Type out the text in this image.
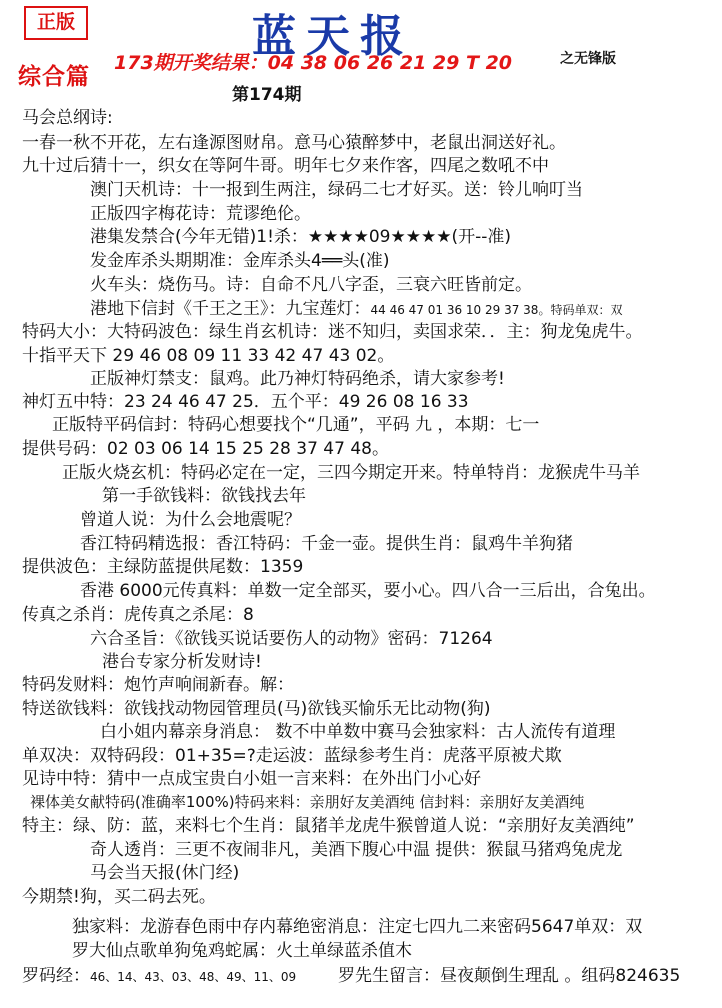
正版	蓝天报
173期开奖结果：04 38 06 26 21 29 T 20	之无锋版
综合篇
第174期
马会总纲诗:
一春一秋不开花，左右逢源图财帛。意马心猿醉梦中，老鼠出洞送好礼。
九十过后猜十一，织女在等阿牛哥。明年七夕来作客，四尾之数吼不中
澳门天机诗：十一报到生两注，绿码二七才好买。送：铃儿响叮当
正版四字梅花诗：荒谬绝伦。
港集发禁合(今年无错)1!杀：★★★★09★★★★(开--准)
发金库杀头期期准：金库杀头4══头(准)
火车头：烧伤马。诗：自命不凡八字歪，三衰六旺皆前定。
港地下信封《千王之王》：九宝莲灯：44 46 47 01 36 10 29 37 38。特码单双：双
特码大小：大特码波色：绿生肖玄机诗：迷不知归，卖国求荣．．主：狗龙兔虎牛。
十指平天下 29 46 08 09 11 33 42 47 43 02。
正版神灯禁支：鼠鸡。此乃神灯特码绝杀，请大家参考!
神灯五中特：23 24 46 47 25．五个平：49 26 08 16 33
正版特平码信封：特码心想要找个“几通”，平码 九 ，本期：七一
提供号码：02 03 06 14 15 25 28 37 47 48。
正版火烧玄机：特码必定在一定，三四今期定开来。特单特肖：龙猴虎牛马羊
第一手欲钱料：欲钱找去年
曾道人说：为什么会地震呢？
香江特码精选报：香江特码：千金一壶。提供生肖：鼠鸡牛羊狗猪
提供波色：主绿防蓝提供尾数：1359
香港 6000元传真料：单数一定全部买，要小心。四八合一三后出，合兔出。
传真之杀肖：虎传真之杀尾：8
六合圣旨：《欲钱买说话要伤人的动物》密码：71264
港台专家分析发财诗!
特码发财料：炮竹声响闹新春。解：
特送欲钱料：欲钱找动物园管理员(马)欲钱买愉乐无比动物(狗)
白小姐内幕亲身消息： 数不中单数中赛马会独家料：古人流传有道理
单双决：双特码段：01+35=?走运波：蓝绿参考生肖：虎落平原被犬欺
见诗中特：猜中一点成宝贵白小姐一言来料：在外出门小心好
裸体美女献特码(准确率100%)特码来料：亲朋好友美酒纯 信封料：亲朋好友美酒纯
特主：绿、防：蓝，来料七个生肖：鼠猪羊龙虎牛猴曾道人说：“亲朋好友美酒纯”
奇人透肖：三更不夜闹非凡，美酒下腹心中温 提供：猴鼠马猪鸡兔虎龙
马会当天报(休门经)
今期禁!狗，买二码去死。
独家料：龙游春色雨中存内幕绝密消息：注定七四九二来密码5647单双：双
罗大仙点歌单狗兔鸡蛇属：火土单绿蓝杀值木
罗码经：46、14、43、03、48、49、11、09 罗先生留言：昼夜颠倒生理乱 。组码824635
